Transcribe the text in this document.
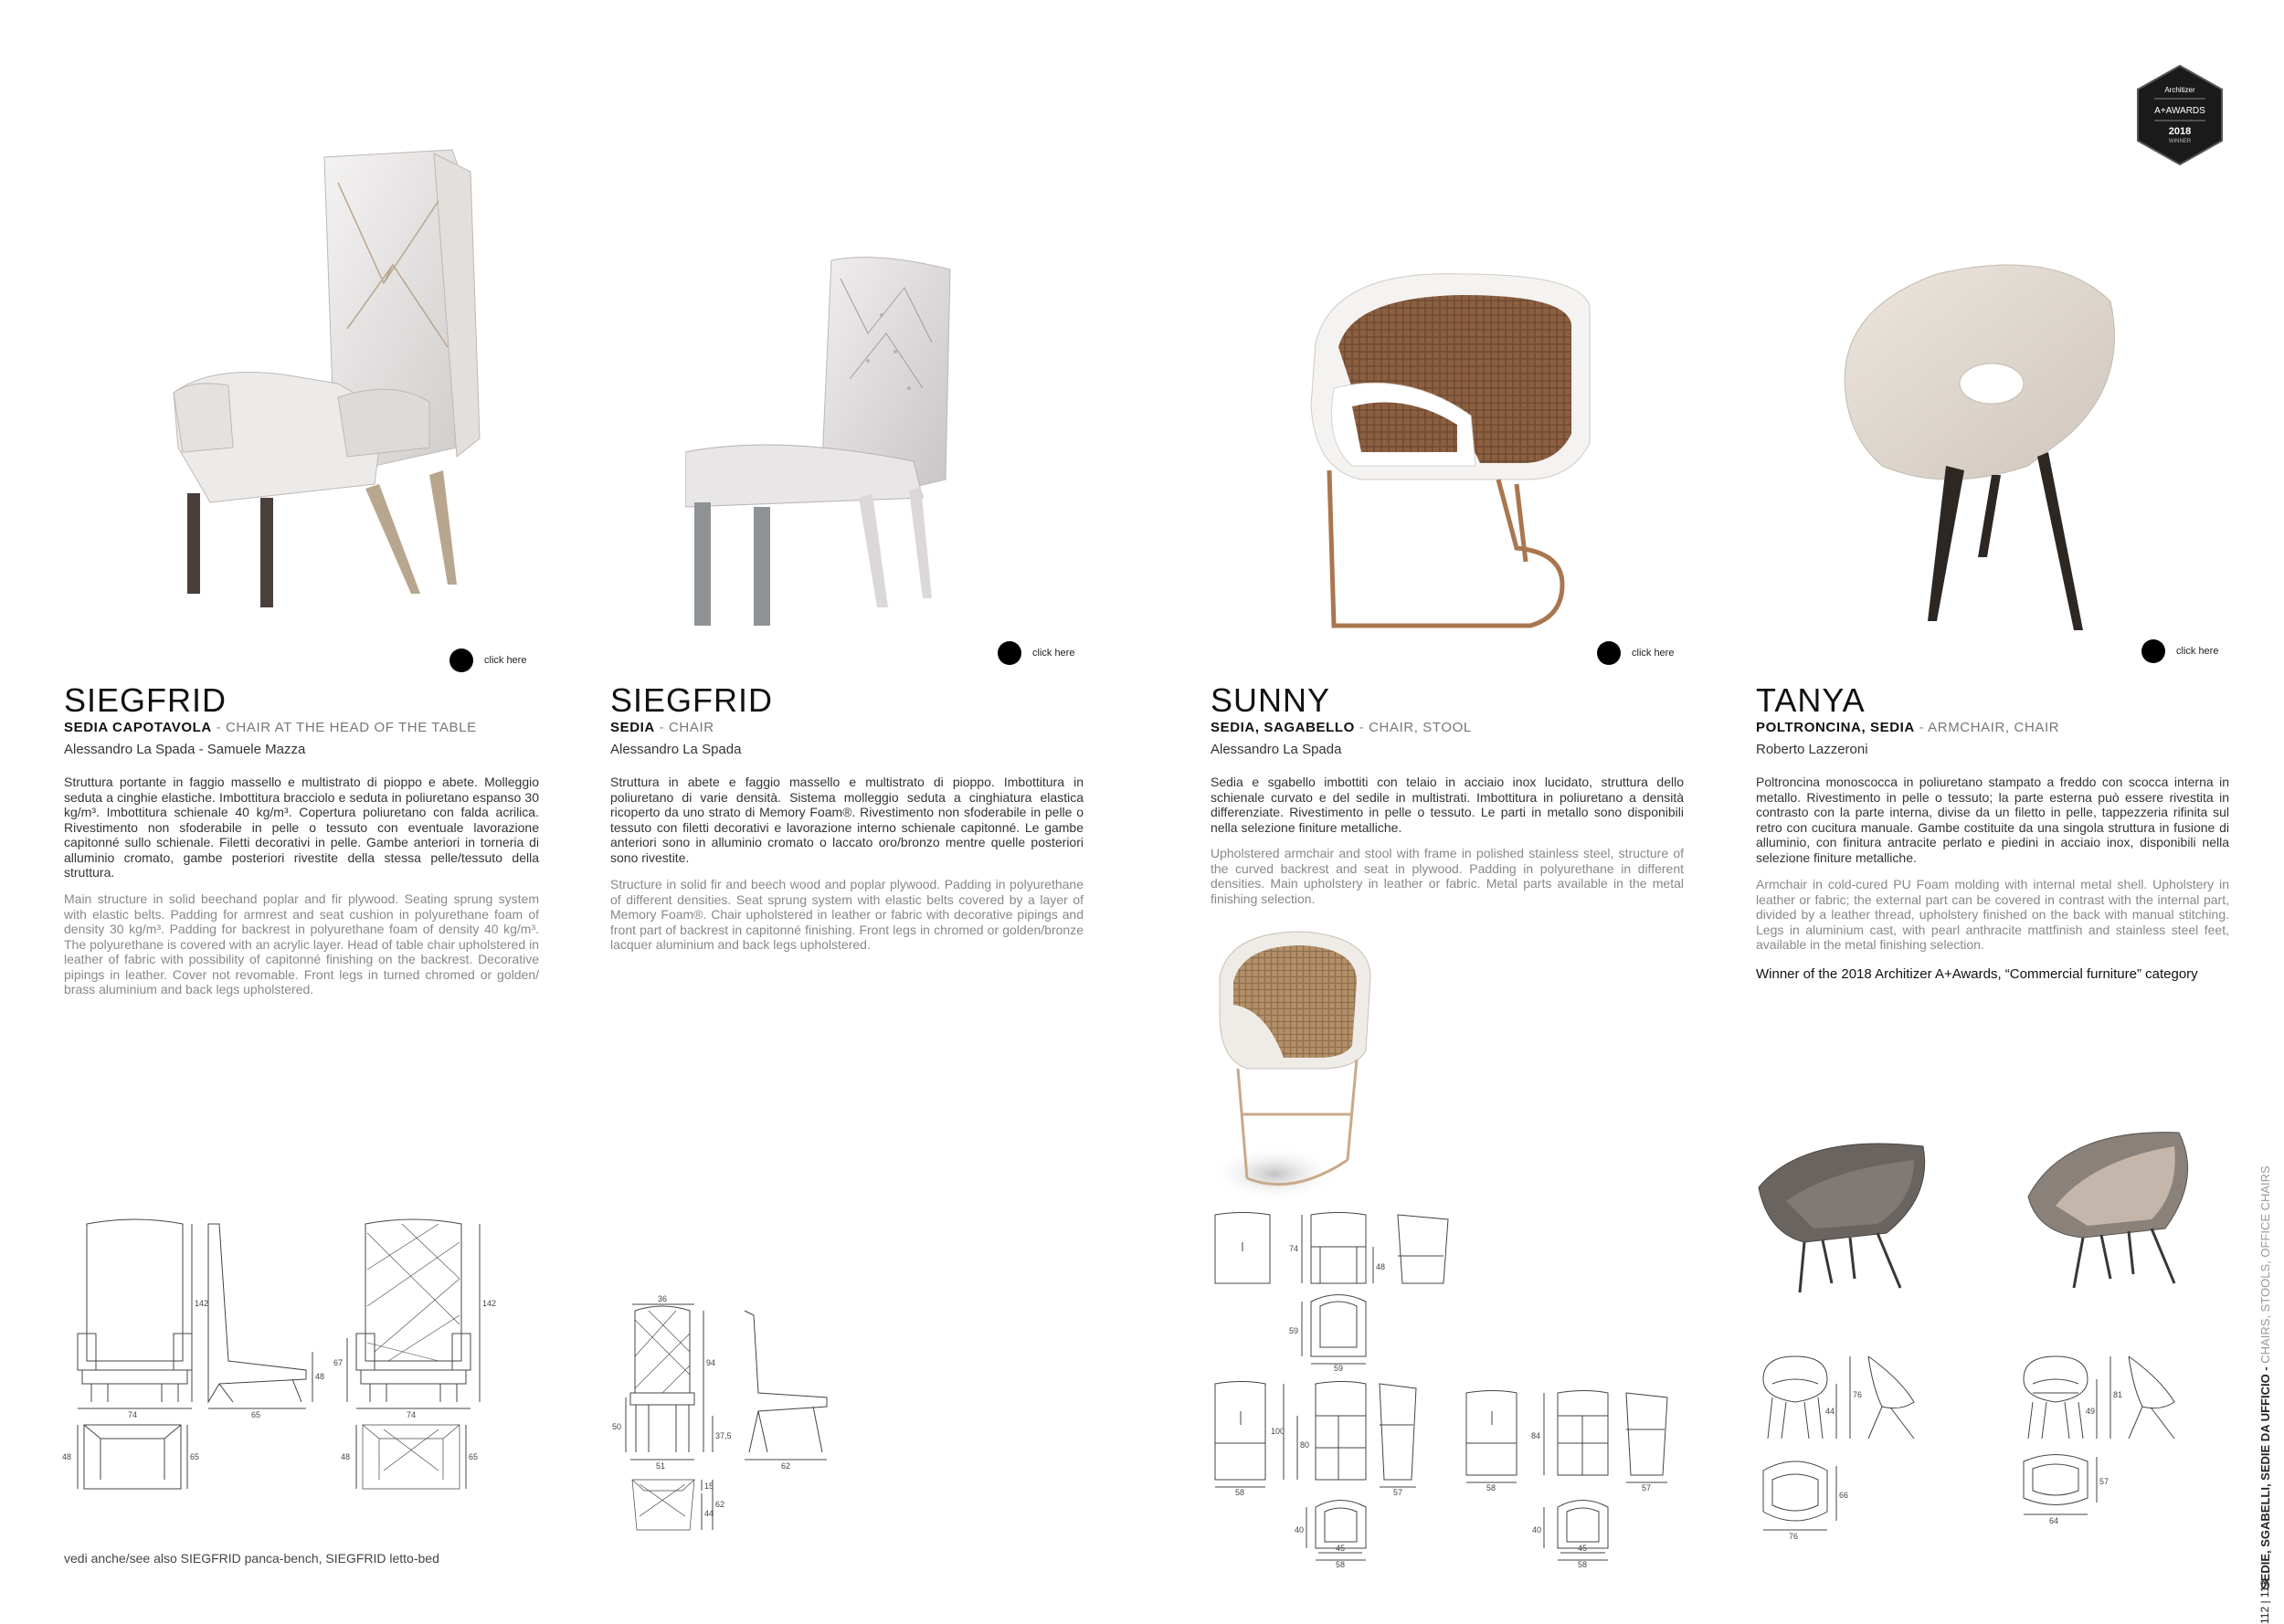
Architizer
A+AWARDS
2018
WINNER
click here
click here	click here	click here
SIEGFRID
SEDIA CAPOTAVOLA - CHAIR AT THE HEAD OF THE TABLE
Alessandro La Spada - Samuele Mazza
Struttura portante in faggio massello e multistrato di pioppo e abete. Molleggio seduta a cinghie elastiche. Imbottitura bracciolo e seduta in poliuretano espanso 30 kg/m³. Imbottitura schienale 40 kg/m³. Copertura poliuretano con falda acrilica. Rivestimento non sfoderabile in pelle o tessuto con eventuale lavorazione capitonné sullo schienale. Filetti decorativi in pelle. Gambe anteriori in torneria di alluminio cromato, gambe posteriori rivestite della stessa pelle/tessuto della struttura.
Main structure in solid beechand poplar and fir plywood. Seating sprung system with elastic belts. Padding for armrest and seat cushion in polyurethane foam of density 30 kg/m³. Padding for backrest in polyurethane foam of density 40 kg/m³. The polyurethane is covered with an acrylic layer. Head of table chair upholstered in leather of fabric with possibility of capitonné finishing on the backrest. Decorative pipings in leather. Cover not revomable. Front legs in turned chromed or golden/ brass aluminium and back legs upholstered.
SIEGFRID
SEDIA - CHAIR
Alessandro La Spada
Struttura in abete e faggio massello e multistrato di pioppo. Imbottitura in poliuretano di varie densità. Sistema molleggio seduta a cinghiatura elastica ricoperto da uno strato di Memory Foam®. Rivestimento non sfoderabile in pelle o tessuto con filetti decorativi e lavorazione interno schienale capitonné. Le gambe anteriori sono in alluminio cromato o laccato oro/bronzo mentre quelle posteriori sono rivestite.
Structure in solid fir and beech wood and poplar plywood. Padding in polyurethane of different densities. Seat sprung system with elastic belts covered by a layer of Memory Foam®. Chair upholstered in leather or fabric with decorative pipings and front part of backrest in capitonné finishing. Front legs in chromed or golden/bronze lacquer aluminium and back legs upholstered.
SUNNY
SEDIA, SAGABELLO - CHAIR, STOOL
Alessandro La Spada
Sedia e sgabello imbottiti con telaio in acciaio inox lucidato, struttura dello schienale curvato e del sedile in multistrati. Imbottitura in poliuretano a densità differenziate. Rivestimento in pelle o tessuto. Le parti in metallo sono disponibili nella selezione finiture metalliche.
Upholstered armchair and stool with frame in polished stainless steel, structure of the curved backrest and seat in plywood. Padding in polyurethane in different densities. Main upholstery in leather or fabric. Metal parts available in the metal finishing selection.
TANYA
POLTRONCINA, SEDIA - ARMCHAIR, CHAIR
Roberto Lazzeroni
Poltroncina monoscocca in poliuretano stampato a freddo con scocca interna in metallo. Rivestimento in pelle o tessuto; la parte esterna può essere rivestita in contrasto con la parte interna, divise da un filetto in pelle, tappezzeria rifinita sul retro con cucitura manuale. Gambe costituite da una singola struttura in fusione di alluminio, con finitura antracite perlato e piedini in acciaio inox, disponibili nella selezione finiture metalliche.
Armchair in cold-cured PU Foam molding with internal metal shell. Upholstery in leather or fabric; the external part can be covered in contrast with the internal part, divided by a leather thread, upholstery finished on the back with manual stitching. Legs in aluminium cast, with pearl anthracite mattfinish and stainless steel feet, available in the metal finishing selection.
Winner of the 2018 Architizer A+Awards, “Commercial furniture” category
74
142
65
48
48	65
74
67
142
48	65
36
50
94
37,5
51	62
15
44
62
74
48
59
59
100
80
58	57
40
45
58
84
58	57
40
45
58
44
76
66
76
49
81
57
64
vedi anche/see also SIEGFRID panca-bench, SIEGFRID letto-bed	SEDIE, SGABELLI, SEDIE DA UFFICIO - CHAIRS, STOOLS, OFFICE CHAIRS
112 | 113
